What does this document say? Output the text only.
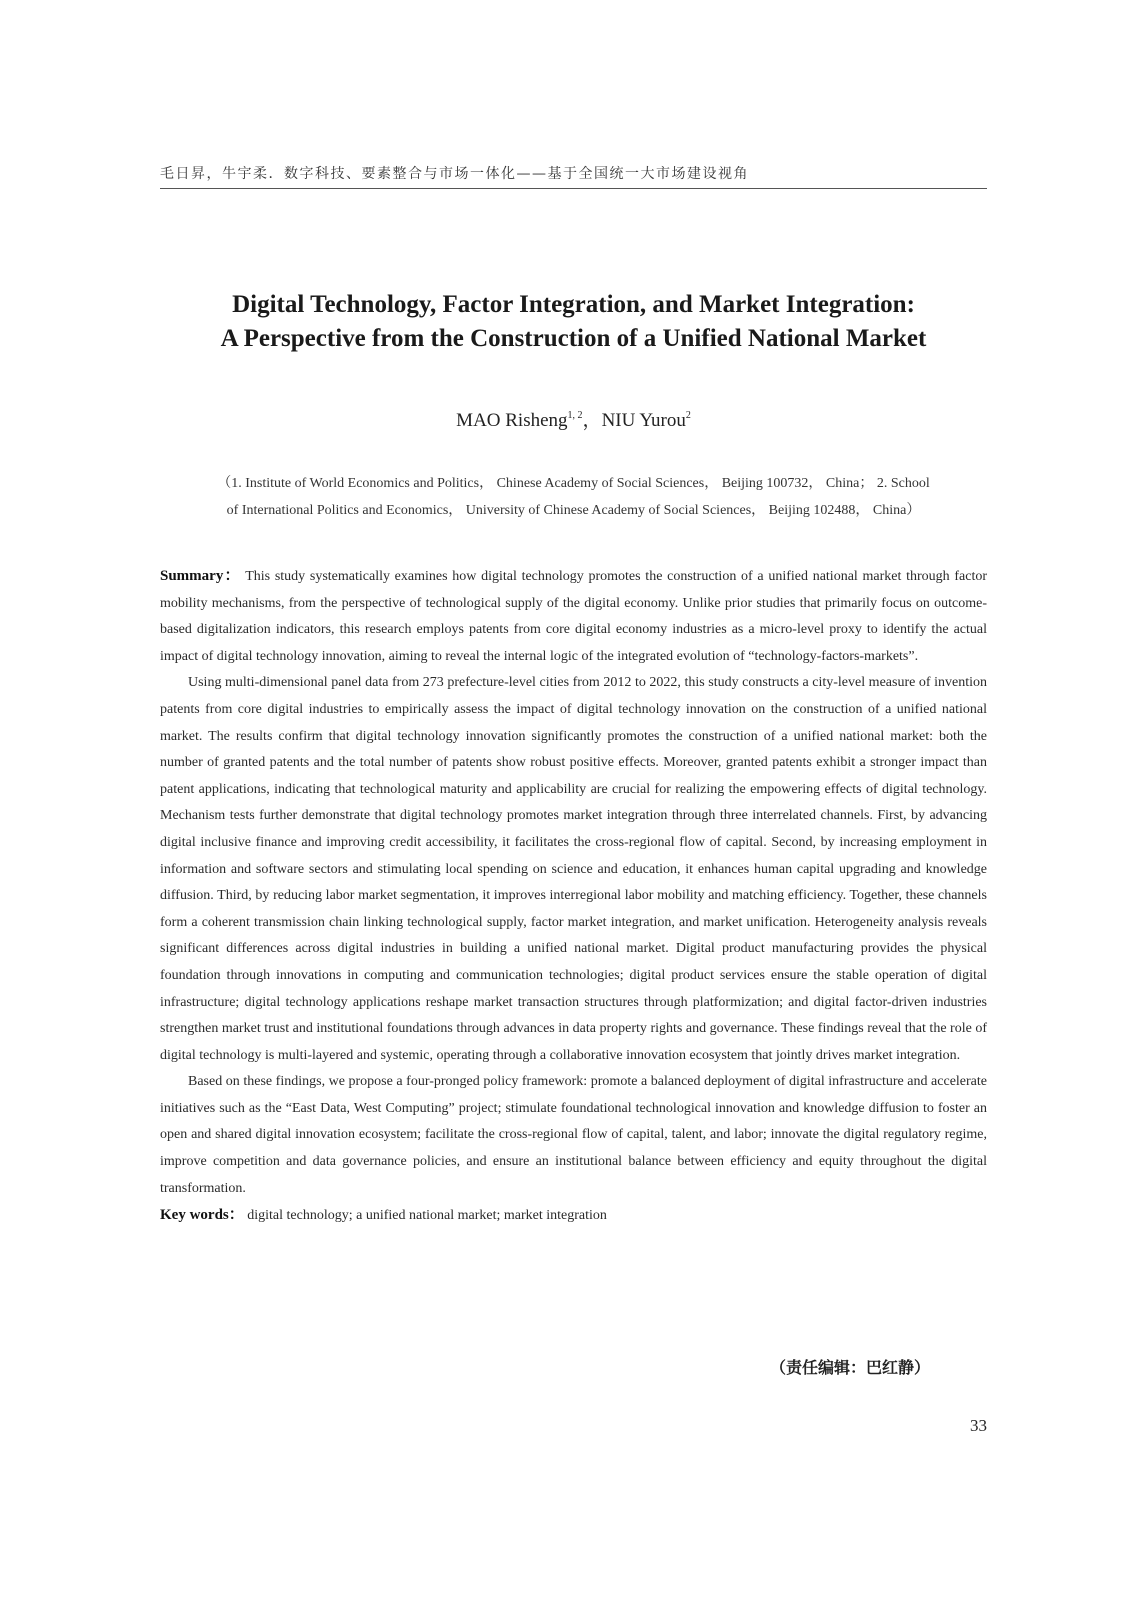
毛日昇，牛宇柔．数字科技、要素整合与市场一体化——基于全国统一大市场建设视角
Digital Technology, Factor Integration, and Market Integration:
A Perspective from the Construction of a Unified National Market
MAO Risheng$^{1, 2}$，NIU Yurou$^2$
（1. Institute of World Economics and Politics， Chinese Academy of Social Sciences， Beijing 100732， China； 2. School
of International Politics and Economics， University of Chinese Academy of Social Sciences， Beijing 102488， China）

Summary： This study systematically examines how digital technology promotes the construction of a unified national market through factor mobility mechanisms, from the perspective of technological supply of the digital economy. Unlike prior studies that primarily focus on outcome-based digitalization indicators, this research employs patents from core digital economy industries as a micro-level proxy to identify the actual impact of digital technology innovation, aiming to reveal the internal logic of the integrated evolution of “technology-factors-markets”.

Using multi-dimensional panel data from 273 prefecture-level cities from 2012 to 2022, this study constructs a city-level measure of invention patents from core digital industries to empirically assess the impact of digital technology innovation on the construction of a unified national market. The results confirm that digital technology innovation significantly promotes the construction of a unified national market: both the number of granted patents and the total number of patents show robust positive effects. Moreover, granted patents exhibit a stronger impact than patent applications, indicating that technological maturity and applicability are crucial for realizing the empowering effects of digital technology. Mechanism tests further demonstrate that digital technology promotes market integration through three interrelated channels. First, by advancing digital inclusive finance and improving credit accessibility, it facilitates the cross-regional flow of capital. Second, by increasing employment in information and software sectors and stimulating local spending on science and education, it enhances human capital upgrading and knowledge diffusion. Third, by reducing labor market segmentation, it improves interregional labor mobility and matching efficiency. Together, these channels form a coherent transmission chain linking technological supply, factor market integration, and market unification. Heterogeneity analysis reveals significant differences across digital industries in building a unified national market. Digital product manufacturing provides the physical foundation through innovations in computing and communication technologies; digital product services ensure the stable operation of digital infrastructure; digital technology applications reshape market transaction structures through platformization; and digital factor-driven industries strengthen market trust and institutional foundations through advances in data property rights and governance. These findings reveal that the role of digital technology is multi-layered and systemic, operating through a collaborative innovation ecosystem that jointly drives market integration.

Based on these findings, we propose a four-pronged policy framework: promote a balanced deployment of digital infrastructure and accelerate initiatives such as the “East Data, West Computing” project; stimulate foundational technological innovation and knowledge diffusion to foster an open and shared digital innovation ecosystem; facilitate the cross-regional flow of capital, talent, and labor; innovate the digital regulatory regime, improve competition and data governance policies, and ensure an institutional balance between efficiency and equity throughout the digital transformation.

Key words： digital technology; a unified national market; market integration

（责任编辑：巴红静）
33
